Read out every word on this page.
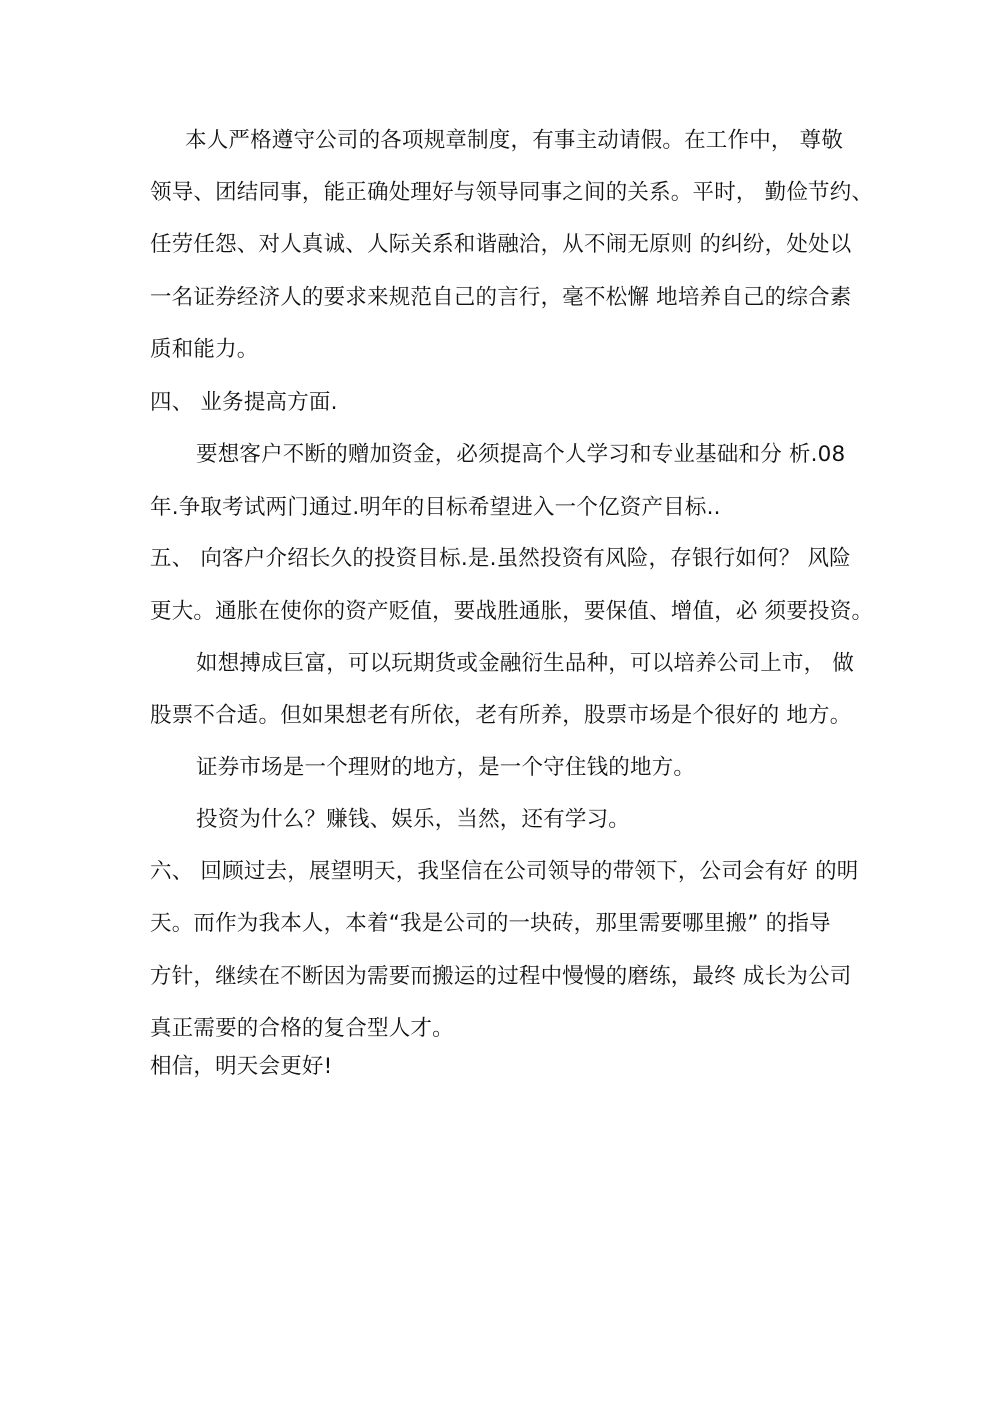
本人严格遵守公司的各项规章制度，有事主动请假。在工作中， 尊敬
领导、团结同事，能正确处理好与领导同事之间的关系。平时， 勤俭节约、
任劳任怨、对人真诚、人际关系和谐融洽，从不闹无原则 的纠纷，处处以
一名证券经济人的要求来规范自己的言行，毫不松懈 地培养自己的综合素
质和能力。
四、 业务提高方面.
要想客户不断的赠加资金，必须提高个人学习和专业基础和分 析.08
年.争取考试两门通过.明年的目标希望进入一个亿资产目标..
五、 向客户介绍长久的投资目标.是.虽然投资有风险，存银行如何？ 风险
更大。通胀在使你的资产贬值，要战胜通胀，要保值、增值，必 须要投资。
如想搏成巨富，可以玩期货或金融衍生品种，可以培养公司上市， 做
股票不合适。但如果想老有所依，老有所养，股票市场是个很好的 地方。
证券市场是一个理财的地方，是一个守住钱的地方。
投资为什么？赚钱、娱乐，当然，还有学习。
六、 回顾过去，展望明天，我坚信在公司领导的带领下，公司会有好 的明
天。而作为我本人，本着“我是公司的一块砖，那里需要哪里搬” 的指导
方针，继续在不断因为需要而搬运的过程中慢慢的磨练，最终 成长为公司
真正需要的合格的复合型人才。
相信，明天会更好!
